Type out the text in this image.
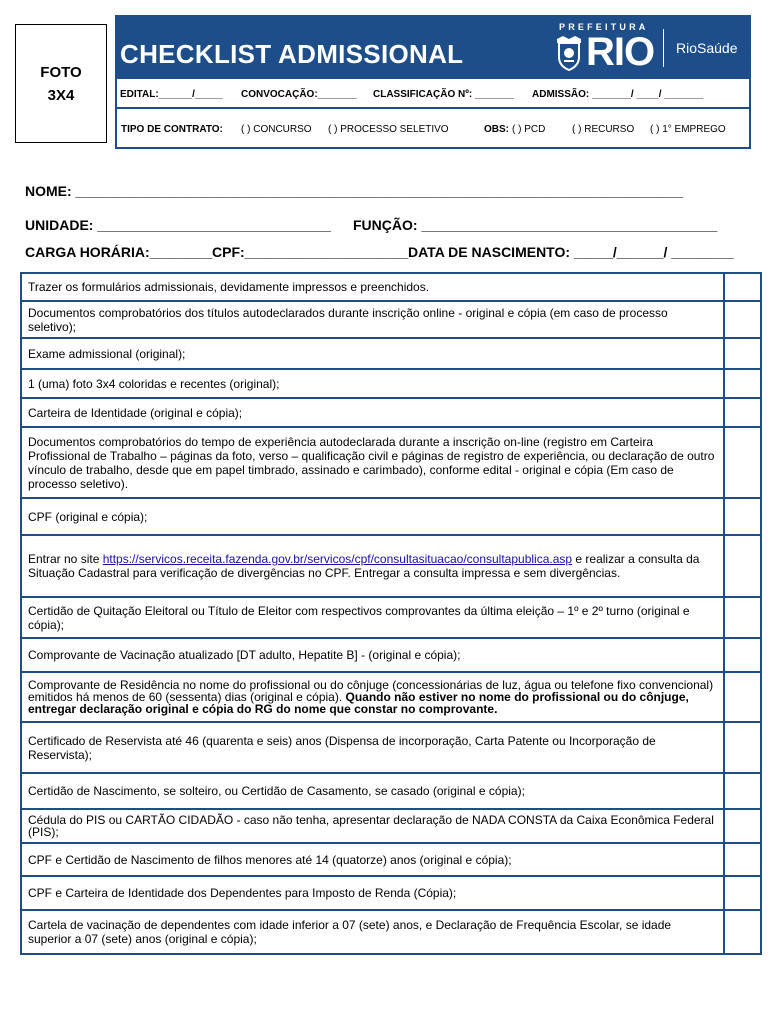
FOTO
3X4
CHECKLIST ADMISSIONAL
PREFEITURA
RIO RioSaúde
EDITAL:______/_____ CONVOCAÇÃO:_______ CLASSIFICAÇÃO Nº: _______ ADMISSÃO: _______/ ____/ _______
TIPO DE CONTRATO: ( ) CONCURSO ( ) PROCESSO SELETIVO	OBS: ( ) PCD	( ) RECURSO ( ) 1° EMPREGO
NOME: ______________________________________________________________________________
UNIDADE: ______________________________ FUNÇÃO: ______________________________________
CARGA HORÁRIA:________ CPF:_____________________ DATA DE NASCIMENTO: _____/______/ ________
Trazer os formulários admissionais, devidamente impressos e preenchidos.
Documentos comprobatórios dos títulos autodeclarados durante inscrição online - original e cópia (em caso de processo seletivo);
Exame admissional (original);
1 (uma) foto 3x4 coloridas e recentes (original);
Carteira de Identidade (original e cópia);
Documentos comprobatórios do tempo de experiência autodeclarada durante a inscrição on-line (registro em Carteira Profissional de Trabalho – páginas da foto, verso – qualificação civil e páginas de registro de experiência, ou declaração de outro vínculo de trabalho, desde que em papel timbrado, assinado e carimbado), conforme edital - original e cópia (Em caso de processo seletivo).
CPF (original e cópia);
Entrar no site https://servicos.receita.fazenda.gov.br/servicos/cpf/consultasituacao/consultapublica.asp e realizar a consulta da Situação Cadastral para verificação de divergências no CPF. Entregar a consulta impressa e sem divergências.
Certidão de Quitação Eleitoral ou Título de Eleitor com respectivos comprovantes da última eleição – 1º e 2º turno (original e cópia);
Comprovante de Vacinação atualizado [DT adulto, Hepatite B] - (original e cópia);
Comprovante de Residência no nome do profissional ou do cônjuge (concessionárias de luz, água ou telefone fixo convencional) emitidos há menos de 60 (sessenta) dias (original e cópia). Quando não estiver no nome do profissional ou do cônjuge, entregar declaração original e cópia do RG do nome que constar no comprovante.
Certificado de Reservista até 46 (quarenta e seis) anos (Dispensa de incorporação, Carta Patente ou Incorporação de Reservista);
Certidão de Nascimento, se solteiro, ou Certidão de Casamento, se casado (original e cópia);
Cédula do PIS ou CARTÃO CIDADÃO - caso não tenha, apresentar declaração de NADA CONSTA da Caixa Econômica Federal (PIS);
CPF e Certidão de Nascimento de filhos menores até 14 (quatorze) anos (original e cópia);
CPF e Carteira de Identidade dos Dependentes para Imposto de Renda (Cópia);
Cartela de vacinação de dependentes com idade inferior a 07 (sete) anos, e Declaração de Frequência Escolar, se idade superior a 07 (sete) anos (original e cópia);
